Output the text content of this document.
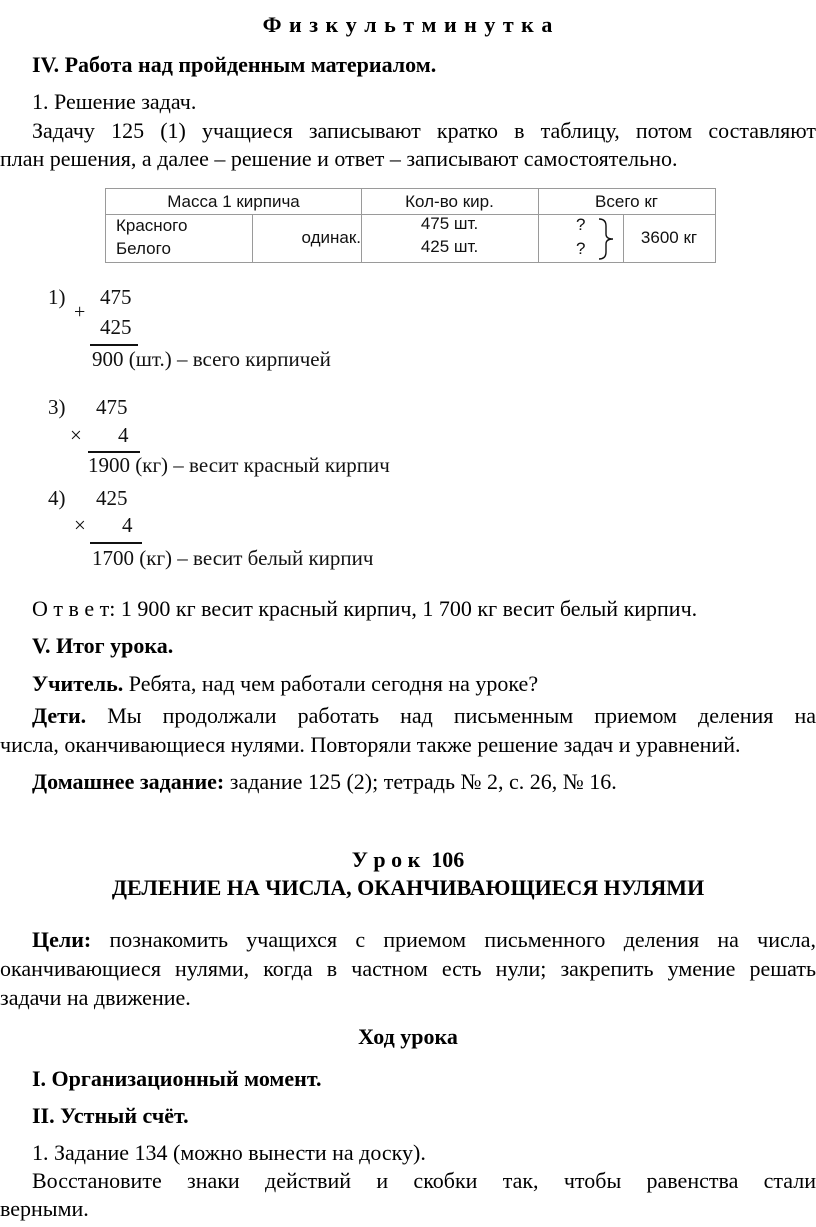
Ф и з к у л ь т м и н у т к а
IV. Работа над пройденным материалом.
1. Решение задач.
Задачу 125 (1) учащиеся записывают кратко в таблицу, потом составляют
план решения, а далее – решение и ответ – записывают самостоятельно.
Масса 1 кирпича	Кол-во кир.	Всего кг
Красного
Белого
одинак.
475 шт.
425 шт.
?
?
3600 кг
1)
+
475
425
900 (шт.) – всего кирпичей
3) 475
× 4
1900 (кг) – весит красный кирпич
4) 425
× 4
1700 (кг) – весит белый кирпич
О т в е т: 1 900 кг весит красный кирпич, 1 700 кг весит белый кирпич.
V. Итог урока.
Учитель. Ребята, над чем работали сегодня на уроке?
Дети. Мы продолжали работать над письменным приемом деления на
числа, оканчивающиеся нулями. Повторяли также решение задач и уравнений.
Домашнее задание: задание 125 (2); тетрадь № 2, с. 26, № 16.
У р о к  106
ДЕЛЕНИЕ НА ЧИСЛА, ОКАНЧИВАЮЩИЕСЯ НУЛЯМИ
Цели: познакомить учащихся с приемом письменного деления на числа,
оканчивающиеся нулями, когда в частном есть нули; закрепить умение решать
задачи на движение.
Ход урока
I. Организационный момент.
II. Устный счёт.
1. Задание 134 (можно вынести на доску).
Восстановите знаки действий и скобки так, чтобы равенства стали
верными.
